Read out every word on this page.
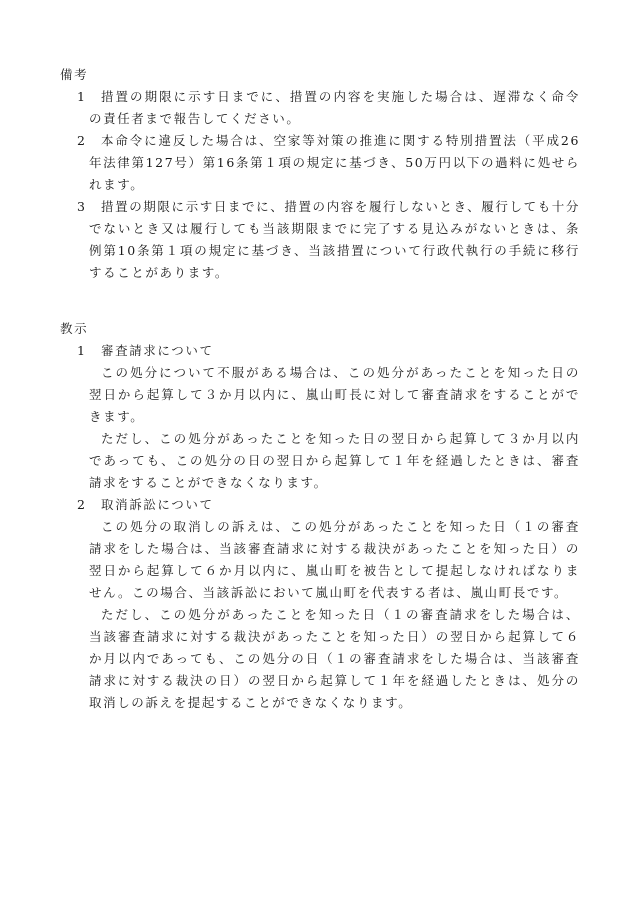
備考
1	措置の期限に示す日までに、措置の内容を実施した場合は、遅滞なく命令の責任者まで報告してください。
2	本命令に違反した場合は、空家等対策の推進に関する特別措置法（平成26年法律第127号）第16条第１項の規定に基づき、50万円以下の過料に処せられます。
3	措置の期限に示す日までに、措置の内容を履行しないとき、履行しても十分でないとき又は履行しても当該期限までに完了する見込みがないときは、条例第10条第１項の規定に基づき、当該措置について行政代執行の手続に移行することがあります。
教示
1	審査請求について
この処分について不服がある場合は、この処分があったことを知った日の翌日から起算して３か月以内に、嵐山町長に対して審査請求をすることができます。
ただし、この処分があったことを知った日の翌日から起算して３か月以内であっても、この処分の日の翌日から起算して１年を経過したときは、審査請求をすることができなくなります。
2	取消訴訟について
この処分の取消しの訴えは、この処分があったことを知った日（１の審査請求をした場合は、当該審査請求に対する裁決があったことを知った日）の翌日から起算して６か月以内に、嵐山町を被告として提起しなければなりません。この場合、当該訴訟において嵐山町を代表する者は、嵐山町長です。
ただし、この処分があったことを知った日（１の審査請求をした場合は、当該審査請求に対する裁決があったことを知った日）の翌日から起算して６か月以内であっても、この処分の日（１の審査請求をした場合は、当該審査請求に対する裁決の日）の翌日から起算して１年を経過したときは、処分の取消しの訴えを提起することができなくなります。
